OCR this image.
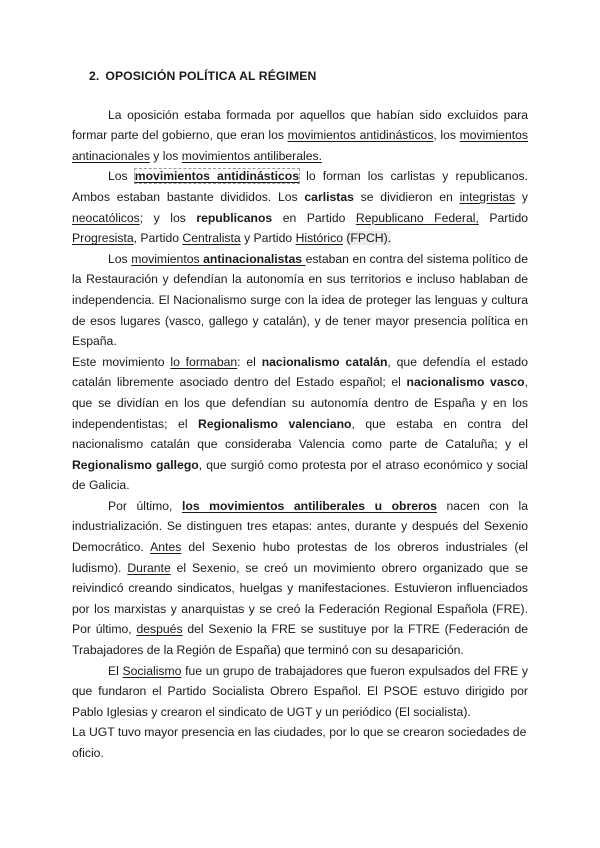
2. OPOSICIÓN POLÍTICA AL RÉGIMEN

La oposición estaba formada por aquellos que habían sido excluidos para formar parte del gobierno, que eran los movimientos antidinásticos, los movimientos antinacionales y los movimientos antiliberales.

Los movimientos antidinásticos lo forman los carlistas y republicanos. Ambos estaban bastante divididos. Los carlistas se dividieron en integristas y neocatólicos; y los republicanos en Partido Republicano Federal, Partido Progresista, Partido Centralista y Partido Histórico (FPCH).

Los movimientos antinacionalistas estaban en contra del sistema político de la Restauración y defendían la autonomía en sus territorios e incluso hablaban de independencia. El Nacionalismo surge con la idea de proteger las lenguas y cultura de esos lugares (vasco, gallego y catalán), y de tener mayor presencia política en España.

Este movimiento lo formaban: el nacionalismo catalán, que defendía el estado catalán libremente asociado dentro del Estado español; el nacionalismo vasco, que se dividían en los que defendían su autonomía dentro de España y en los independentistas; el Regionalismo valenciano, que estaba en contra del nacionalismo catalán que consideraba Valencia como parte de Cataluña; y el Regionalismo gallego, que surgió como protesta por el atraso económico y social de Galicia.

Por último, los movimientos antiliberales u obreros nacen con la industrialización. Se distinguen tres etapas: antes, durante y después del Sexenio Democrático. Antes del Sexenio hubo protestas de los obreros industriales (el ludismo). Durante el Sexenio, se creó un movimiento obrero organizado que se reivindicó creando sindicatos, huelgas y manifestaciones. Estuvieron influenciados por los marxistas y anarquistas y se creó la Federación Regional Española (FRE). Por último, después del Sexenio la FRE se sustituye por la FTRE (Federación de Trabajadores de la Región de España) que terminó con su desaparición.

El Socialismo fue un grupo de trabajadores que fueron expulsados del FRE y que fundaron el Partido Socialista Obrero Español. El PSOE estuvo dirigido por Pablo Iglesias y crearon el sindicato de UGT y un periódico (El socialista).

La UGT tuvo mayor presencia en las ciudades, por lo que se crearon sociedades de oficio.
